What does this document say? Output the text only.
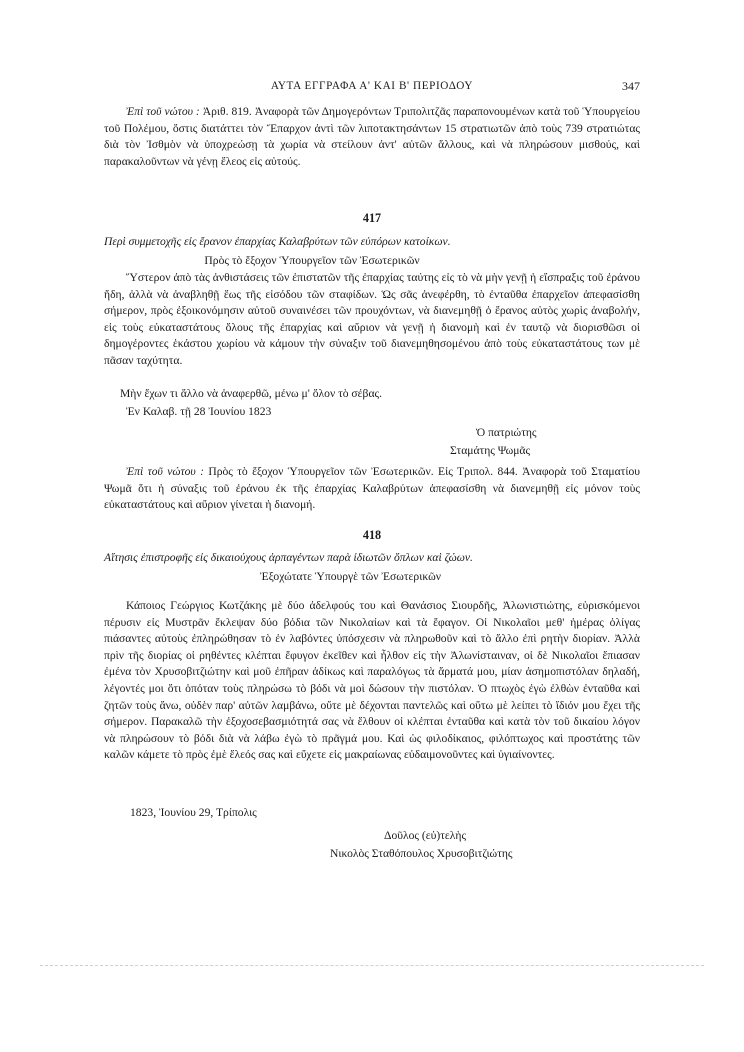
ΑΥΤΑ ΕΓΓΡΑΦΑ Α' ΚΑΙ Β' ΠΕΡΙΟΔΟΥ	347
Ἐπὶ τοῦ νώτου : Ἀριθ. 819. Ἀναφορὰ τῶν Δημογερόντων Τριπολιτζᾶς παραπονουμένων κατὰ τοῦ Ὑπουργείου τοῦ Πολέμου, ὅστις διατάττει τὸν Ἔπαρχον ἀντὶ τῶν λιποτακτησάντων 15 στρατιωτῶν ἀπὸ τοὺς 739 στρατιώτας διὰ τὸν Ἰσθμὸν νὰ ὑποχρεώσῃ τὰ χωρία νὰ στείλουν ἀντ' αὐτῶν ἄλλους, καὶ νὰ πληρώσουν μισθούς, καὶ παρακαλοῦντων νὰ γένῃ ἔλεος εἰς αὐτούς.
417
Περὶ συμμετοχῆς εἰς ἔρανον ἐπαρχίας Καλαβρύτων τῶν εὐπόρων κατοίκων.
Πρὸς τὸ ἔξοχον Ὑπουργεῖον τῶν Ἐσωτερικῶν
Ὕστερον ἀπὸ τὰς ἀνθιστάσεις τῶν ἐπιστατῶν τῆς ἐπαρχίας ταύτης εἰς τὸ νὰ μὴν γενῇ ἡ εἴσπραξις τοῦ ἐράνου ἤδη, ἀλλὰ νὰ ἀναβληθῇ ἕως τῆς εἰσόδου τῶν σταφίδων. Ὡς σᾶς ἀνεφέρθη, τὸ ἐνταῦθα ἐπαρχεῖον ἀπεφασίσθη σήμερον, πρὸς ἐξοικονόμησιν αὐτοῦ συναινέσει τῶν προυχόντων, νὰ διανεμηθῇ ὁ ἔρανος αὐτὸς χωρὶς ἀναβολήν, εἰς τοὺς εὐκαταστάτους ὅλους τῆς ἐπαρχίας καὶ αὔριον νὰ γενῇ ἡ διανομὴ καὶ ἐν ταυτῷ νὰ διορισθῶσι οἱ δημογέροντες ἑκάστου χωρίου νὰ κάμουν τὴν σύναξιν τοῦ διανεμηθησομένου ἀπὸ τοὺς εὐκαταστάτους των μὲ πᾶσαν ταχύτητα.
Μὴν ἔχων τι ἄλλο νὰ ἀναφερθῶ, μένω μ' ὅλον τὸ σέβας.
Ἐν Καλαβ. τῇ 28 Ἰουνίου 1823
Ὁ πατριώτης
Σταμάτης Ψωμᾶς
Ἐπὶ τοῦ νώτου : Πρὸς τὸ ἔξοχον Ὑπουργεῖον τῶν Ἐσωτερικῶν. Εἰς Τριπολ. 844. Ἀναφορὰ τοῦ Σταματίου Ψωμᾶ ὅτι ἡ σύναξις τοῦ ἐράνου ἐκ τῆς ἐπαρχίας Καλαβρύτων ἀπεφασίσθη νὰ διανεμηθῇ εἰς μόνον τοὺς εὐκαταστάτους καὶ αὔριον γίνεται ἡ διανομή.
418
Αἴτησις ἐπιστροφῆς εἰς δικαιούχους ἁρπαγέντων παρὰ ἰδιωτῶν ὅπλων καὶ ζώων.
Ἐξοχώτατε Ὑπουργὲ τῶν Ἐσωτερικῶν
Κάποιος Γεώργιος Κωτζάκης μὲ δύο ἀδελφούς του καὶ Θανάσιος Σιουρδῆς, Ἀλωνιστιώτης, εὑρισκόμενοι πέρυσιν εἰς Μυστρᾶν ἔκλεψαν δύο βόδια τῶν Νικολαίων καὶ τὰ ἔφαγον. Οἱ Νικολαῖοι μεθ' ἡμέρας ὀλίγας πιάσαντες αὐτοὺς ἐπληρώθησαν τὸ ἐν λαβόντες ὑπόσχεσιν νὰ πληρωθοῦν καὶ τὸ ἄλλο ἐπὶ ρητὴν διορίαν. Ἀλλὰ πρὶν τῆς διορίας οἱ ρηθέντες κλέπται ἔφυγον ἐκεῖθεν καὶ ἦλθον εἰς τὴν Ἀλωνίσταιναν, οἱ δὲ Νικολαῖοι ἔπιασαν ἐμένα τὸν Χρυσοβιτζιώτην καὶ μοῦ ἐπῆραν ἀδίκως καὶ παραλόγως τὰ ἄρματά μου, μίαν ἀσημοπιστόλαν δηλαδή, λέγοντές μοι ὅτι ὁπόταν τοὺς πληρώσω τὸ βόδι νὰ μοὶ δώσουν τὴν πιστόλαν. Ὁ πτωχὸς ἐγὼ ἐλθὼν ἐνταῦθα καὶ ζητῶν τοὺς ἄνω, οὐδὲν παρ' αὐτῶν λαμβάνω, οὔτε μὲ δέχονται παντελῶς καὶ οὕτω μὲ λείπει τὸ ἴδιόν μου ἕχει τῆς σήμερον. Παρακαλῶ τὴν ἐξοχοσεβασμιότητά σας νὰ ἔλθουν οἱ κλέπται ἐνταῦθα καὶ κατὰ τὸν τοῦ δικαίου λόγον νὰ πληρώσουν τὸ βόδι διὰ νὰ λάβω ἐγὼ τὸ πρᾶγμά μου. Καὶ ὡς φιλοδίκαιος, φιλόπτωχος καὶ προστάτης τῶν καλῶν κάμετε τὸ πρὸς ἐμὲ ἔλεός σας καὶ εὔχετε εἰς μακραίωνας εὐδαιμονοῦντες καὶ ὑγιαίνοντες.
1823, Ἰουνίου 29, Τρίπολις
Δοῦλος (εὐ)τελὴς
Νικολὸς Σταθόπουλος Χρυσοβιτζιώτης
